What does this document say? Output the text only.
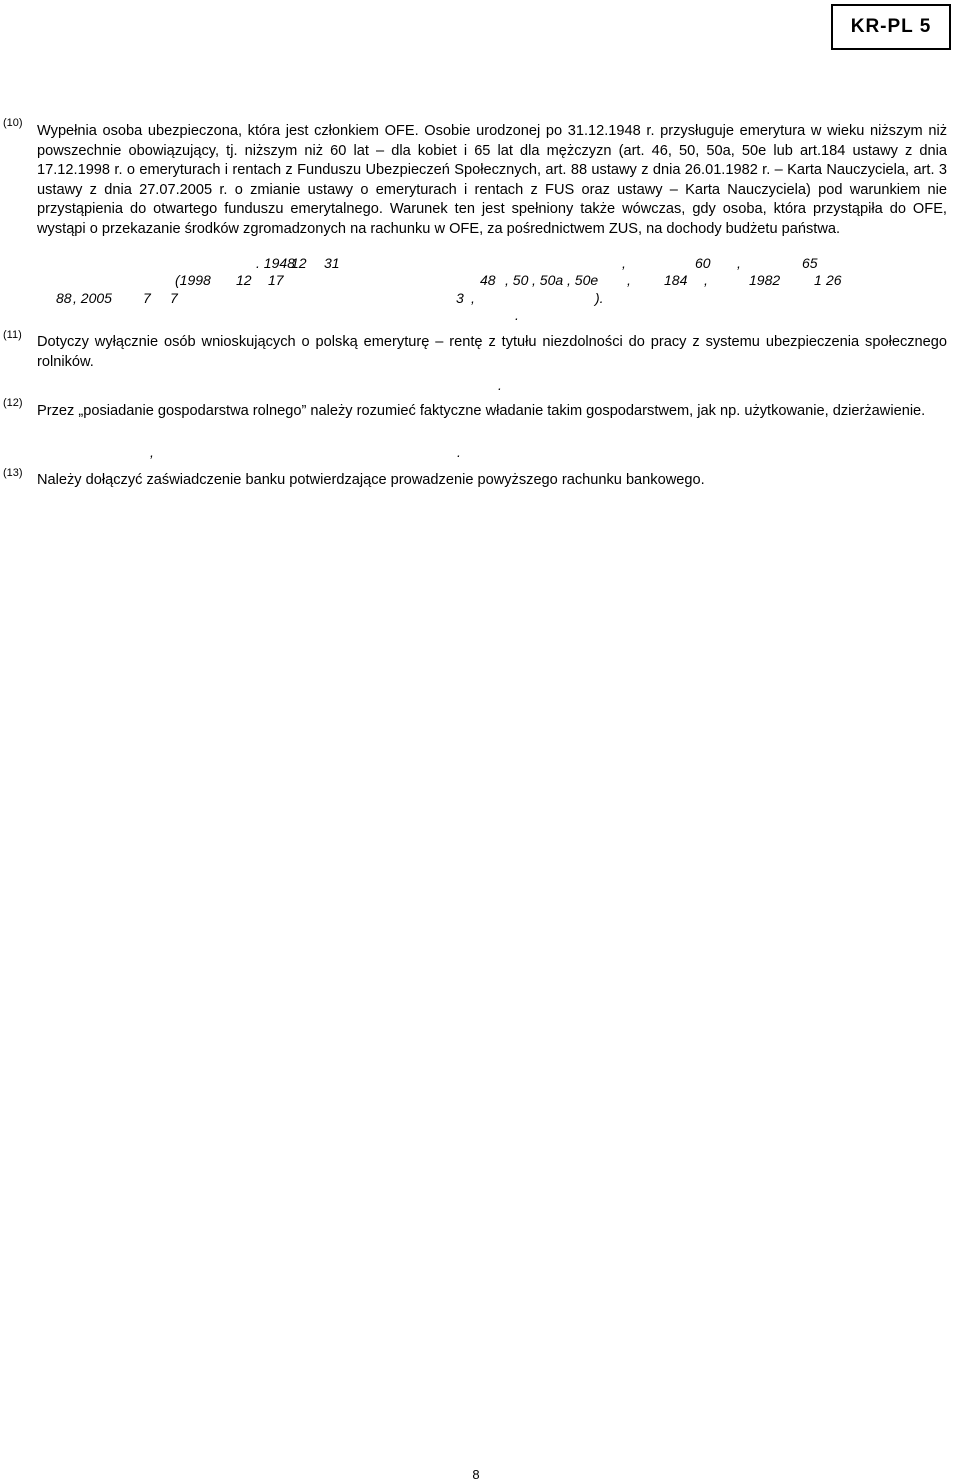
KR-PL 5
(10) Wypełnia osoba ubezpieczona, która jest członkiem OFE. Osobie urodzonej po 31.12.1948 r. przysługuje emerytura w wieku niższym niż powszechnie obowiązujący, tj. niższym niż 60 lat – dla kobiet i 65 lat dla mężczyzn (art. 46, 50, 50a, 50e lub art.184 ustawy z dnia 17.12.1998 r. o emeryturach i rentach z Funduszu Ubezpieczeń Społecznych, art. 88 ustawy z dnia 26.01.1982 r. – Karta Nauczyciela, art. 3 ustawy z dnia 27.07.2005 r. o zmianie ustawy o emeryturach i rentach z FUS oraz ustawy – Karta Nauczyciela) pod warunkiem nie przystąpienia do otwartego funduszu emerytalnego. Warunek ten jest spełniony także wówczas, gdy osoba, która przystąpiła do OFE, wystąpi o przekazanie środków zgromadzonych na rachunku w OFE, za pośrednictwem ZUS, na dochody budżetu państwa.
. 1948
12 31	,	60 ,	65
(1998 12 17	48 , 50 , 50a , 50e , 184 ,	1982 1 26
88 , 2005 7 7	3 ,	).
.
(11) Dotyczy wyłącznie osób wnioskujących o polską emeryturę – rentę z tytułu niezdolności do pracy z systemu ubezpieczenia społecznego rolników.
.
(12) Przez „posiadanie gospodarstwa rolnego” należy rozumieć faktyczne władanie takim gospodarstwem, jak np. użytkowanie, dzierżawienie.
,	.
(13) Należy dołączyć zaświadczenie banku potwierdzające prowadzenie powyższego rachunku bankowego.
8
